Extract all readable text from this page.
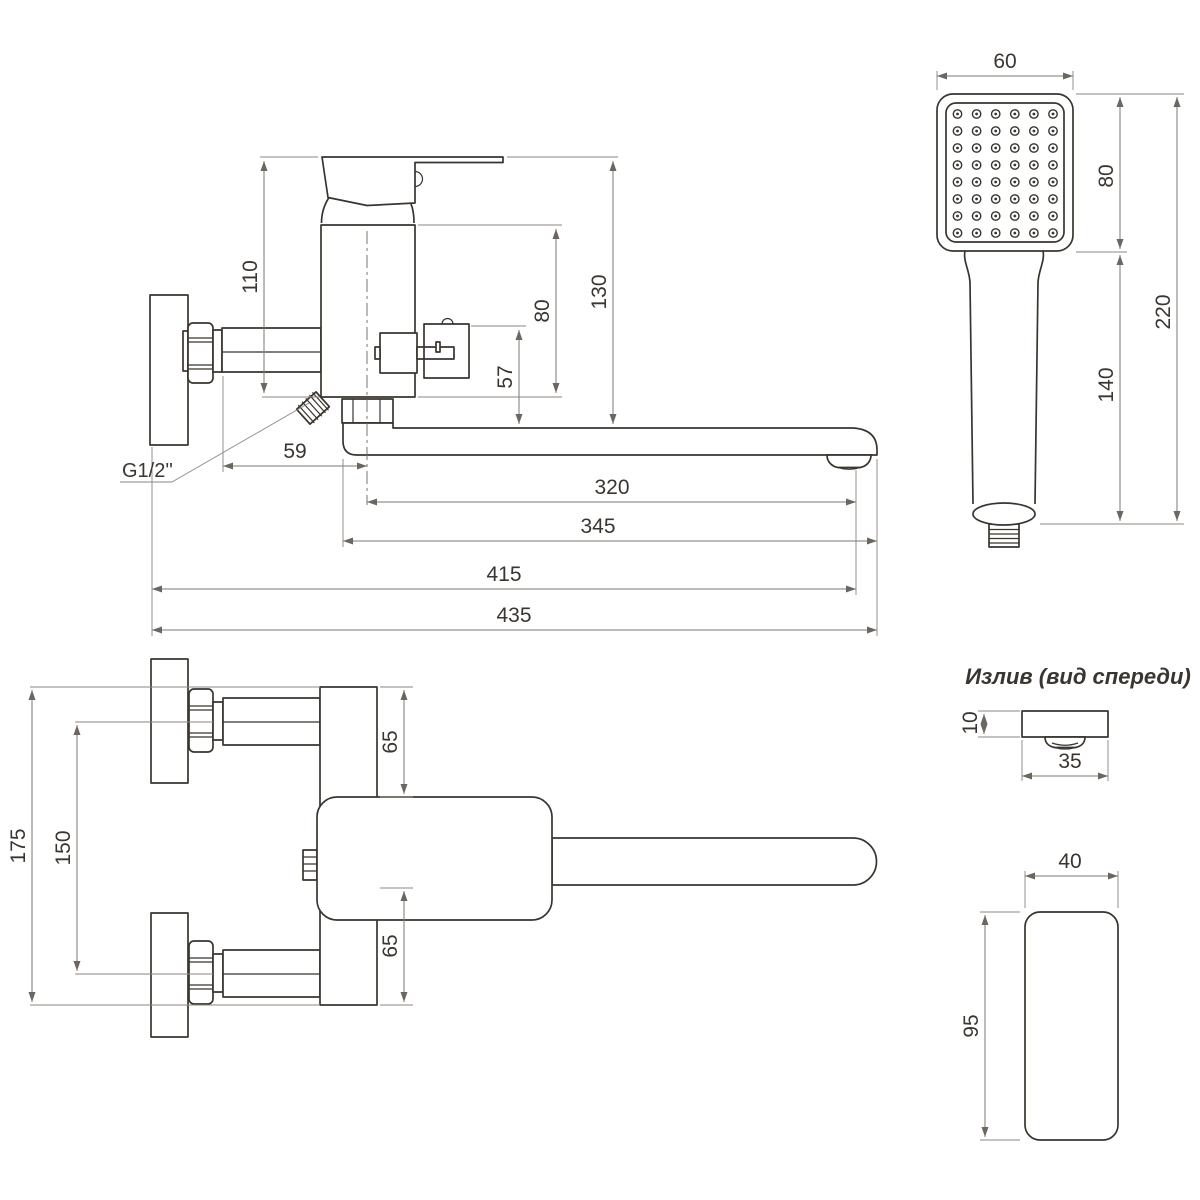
110	130
80
57
59
320
345
415
435
G1/2''
60
80
140
220
175 150
65
65
Излив (вид спереди)
10
35
40
95
